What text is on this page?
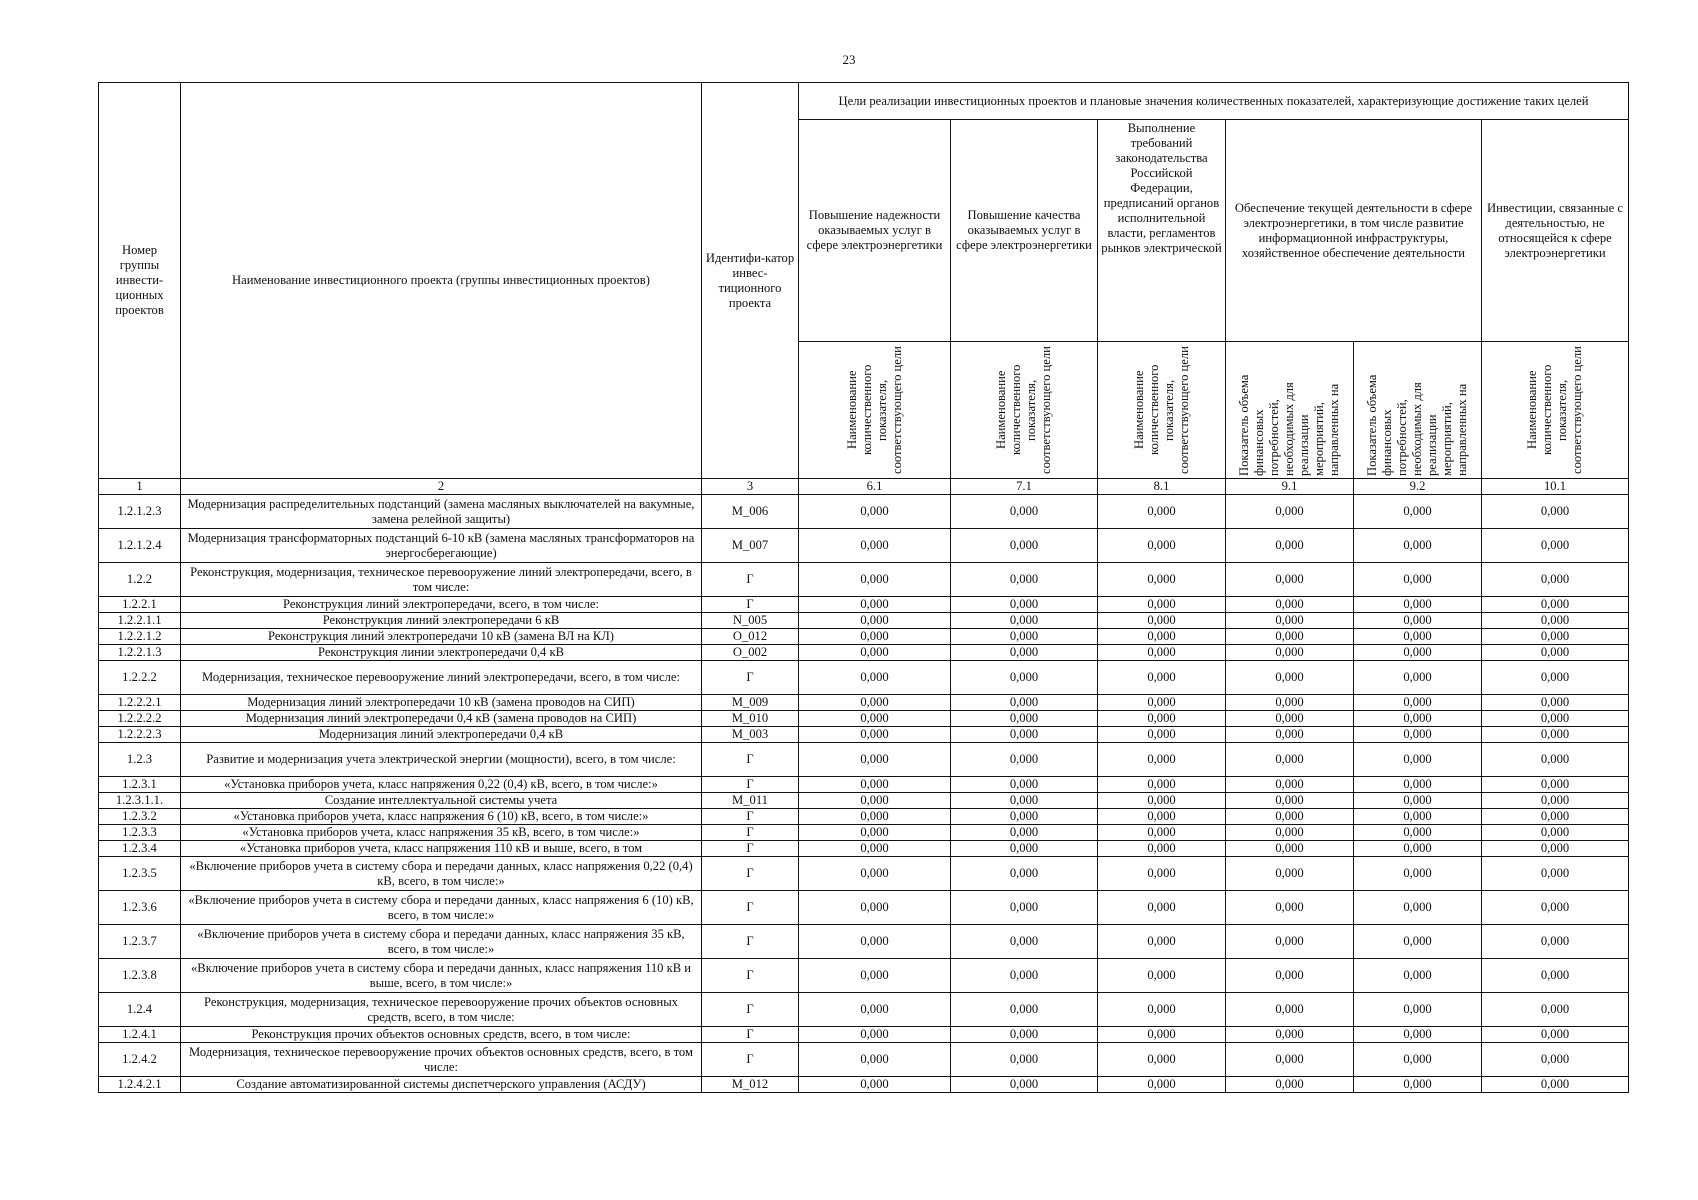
23
Номер группы инвести-ционных проектов	Наименование инвестиционного проекта (группы инвестиционных проектов)	Идентифи-катор инвес-тиционного проекта	Цели реализации инвестиционных проектов и плановые значения количественных показателей, характеризующие достижение таких целей					
			Повышение надежности оказываемых услуг в сфере электроэнергетики	Повышение качества оказываемых услуг в сфере электроэнергетики	Выполнение требований законодательства Российской Федерации, предписаний органов исполнительной власти, регламентов рынков электрической	Обеспечение текущей деятельности в сфере электроэнергетики, в том числе развитие информационной инфраструктуры, хозяйственное обеспечение деятельности		Инвестиции, связанные с деятельностью, не относящейся к сфере электроэнергетики

			Наименование количественного показателя, соответствующего цели	Наименование количественного показателя, соответствующего цели	Наименование количественного показателя, соответствующего цели	Показатель объема финансовых потребностей, необходимых для реализации мероприятий, направленных на	Показатель объема финансовых потребностей, необходимых для реализации мероприятий, направленных на	Наименование количественного показателя, соответствующего цели

1	2	3	6.1	7.1	8.1	9.1	9.2	10.1
1.2.1.2.3	Модернизация распределительных подстанций (замена масляных выключателей на вакумные, замена релейной защиты)	M_006	0,000	0,000	0,000	0,000	0,000	0,000
1.2.1.2.4	Модернизация трансформаторных подстанций 6-10 кВ (замена масляных трансформаторов на энергосберегающие)	M_007	0,000	0,000	0,000	0,000	0,000	0,000
1.2.2	Реконструкция, модернизация, техническое перевооружение линий электропередачи, всего, в том числе:	Г	0,000	0,000	0,000	0,000	0,000	0,000
1.2.2.1	Реконструкция линий электропередачи, всего, в том числе:	Г	0,000	0,000	0,000	0,000	0,000	0,000
1.2.2.1.1	Реконструкция линий электропередачи 6 кВ	N_005	0,000	0,000	0,000	0,000	0,000	0,000
1.2.2.1.2	Реконструкция линий электропередачи 10 кВ (замена ВЛ на КЛ)	O_012	0,000	0,000	0,000	0,000	0,000	0,000
1.2.2.1.3	Реконструкция линии электропередачи 0,4 кВ	O_002	0,000	0,000	0,000	0,000	0,000	0,000
1.2.2.2	Модернизация, техническое перевооружение линий электропередачи, всего, в том числе:	Г	0,000	0,000	0,000	0,000	0,000	0,000
1.2.2.2.1	Модернизация линий электропередачи 10 кВ (замена проводов на СИП)	M_009	0,000	0,000	0,000	0,000	0,000	0,000
1.2.2.2.2	Модернизация линий электропередачи 0,4 кВ (замена проводов на СИП)	M_010	0,000	0,000	0,000	0,000	0,000	0,000
1.2.2.2.3	Модернизация линий электропередачи 0,4 кВ	M_003	0,000	0,000	0,000	0,000	0,000	0,000
1.2.3	Развитие и модернизация учета электрической энергии (мощности), всего, в том числе:	Г	0,000	0,000	0,000	0,000	0,000	0,000
1.2.3.1	«Установка приборов учета, класс напряжения 0,22 (0,4) кВ, всего, в том числе:»	Г	0,000	0,000	0,000	0,000	0,000	0,000
1.2.3.1.1.	Создание интеллектуальной системы учета	M_011	0,000	0,000	0,000	0,000	0,000	0,000
1.2.3.2	«Установка приборов учета, класс напряжения 6 (10) кВ, всего, в том числе:»	Г	0,000	0,000	0,000	0,000	0,000	0,000
1.2.3.3	«Установка приборов учета, класс напряжения 35 кВ, всего, в том числе:»	Г	0,000	0,000	0,000	0,000	0,000	0,000
1.2.3.4	«Установка приборов учета, класс напряжения 110 кВ и выше, всего, в том	Г	0,000	0,000	0,000	0,000	0,000	0,000
1.2.3.5	«Включение приборов учета в систему сбора и передачи данных, класс напряжения 0,22 (0,4) кВ, всего, в том числе:»	Г	0,000	0,000	0,000	0,000	0,000	0,000
1.2.3.6	«Включение приборов учета в систему сбора и передачи данных, класс напряжения 6 (10) кВ, всего, в том числе:»	Г	0,000	0,000	0,000	0,000	0,000	0,000
1.2.3.7	«Включение приборов учета в систему сбора и передачи данных, класс напряжения 35 кВ, всего, в том числе:»	Г	0,000	0,000	0,000	0,000	0,000	0,000
1.2.3.8	«Включение приборов учета в систему сбора и передачи данных, класс напряжения 110 кВ и выше, всего, в том числе:»	Г	0,000	0,000	0,000	0,000	0,000	0,000
1.2.4	Реконструкция, модернизация, техническое перевооружение прочих объектов основных средств, всего, в том числе:	Г	0,000	0,000	0,000	0,000	0,000	0,000
1.2.4.1	Реконструкция прочих объектов основных средств, всего, в том числе:	Г	0,000	0,000	0,000	0,000	0,000	0,000
1.2.4.2	Модернизация, техническое перевооружение прочих объектов основных средств, всего, в том числе:	Г	0,000	0,000	0,000	0,000	0,000	0,000
1.2.4.2.1	Создание автоматизированной системы диспетчерского управления (АСДУ)	M_012	0,000	0,000	0,000	0,000	0,000	0,000
